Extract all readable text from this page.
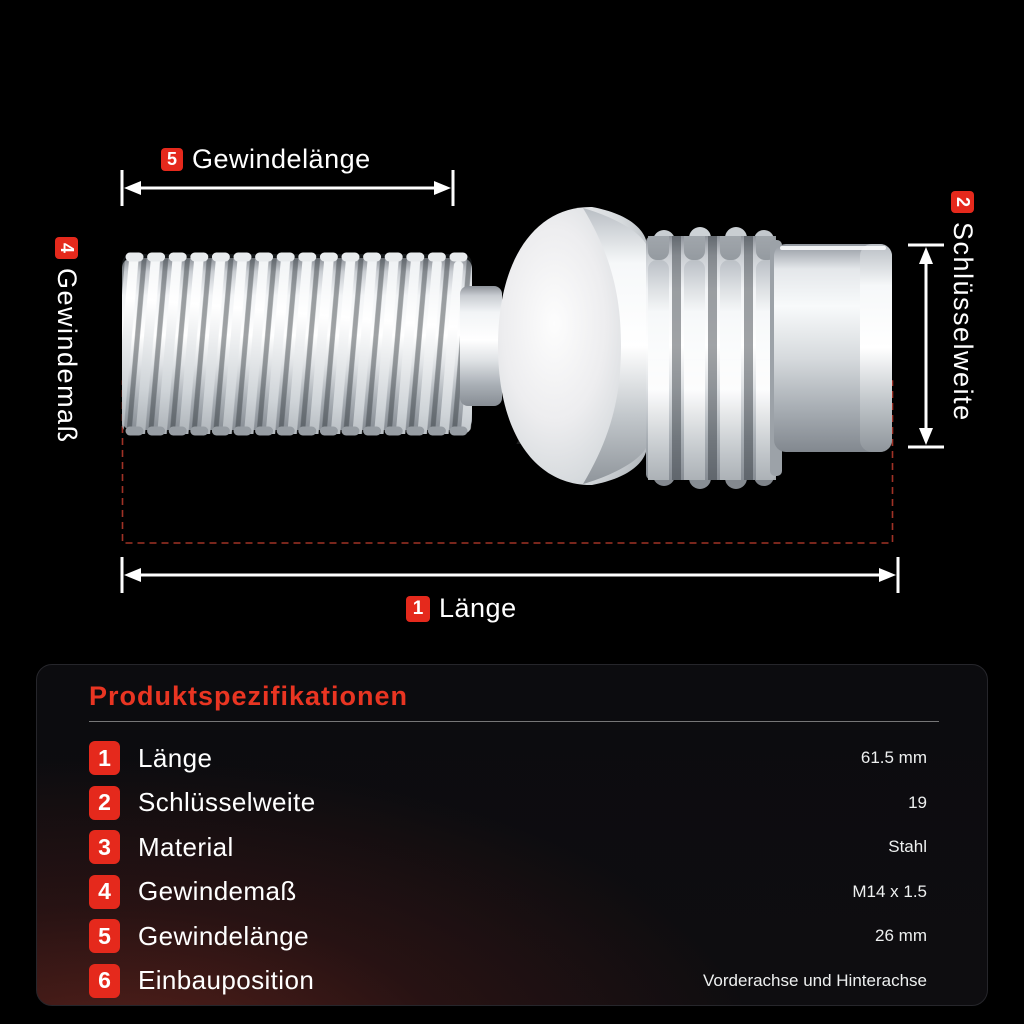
5 Gewindelänge
4
Gewindemaß
2
Schlüsselweite
1 Länge
Produktspezifikationen
1	Länge	61.5 mm
2	Schlüsselweite	19
3	Material	Stahl
4	Gewindemaß	M14 x 1.5
5	Gewindelänge	26 mm
6	Einbauposition	Vorderachse und Hinterachse
